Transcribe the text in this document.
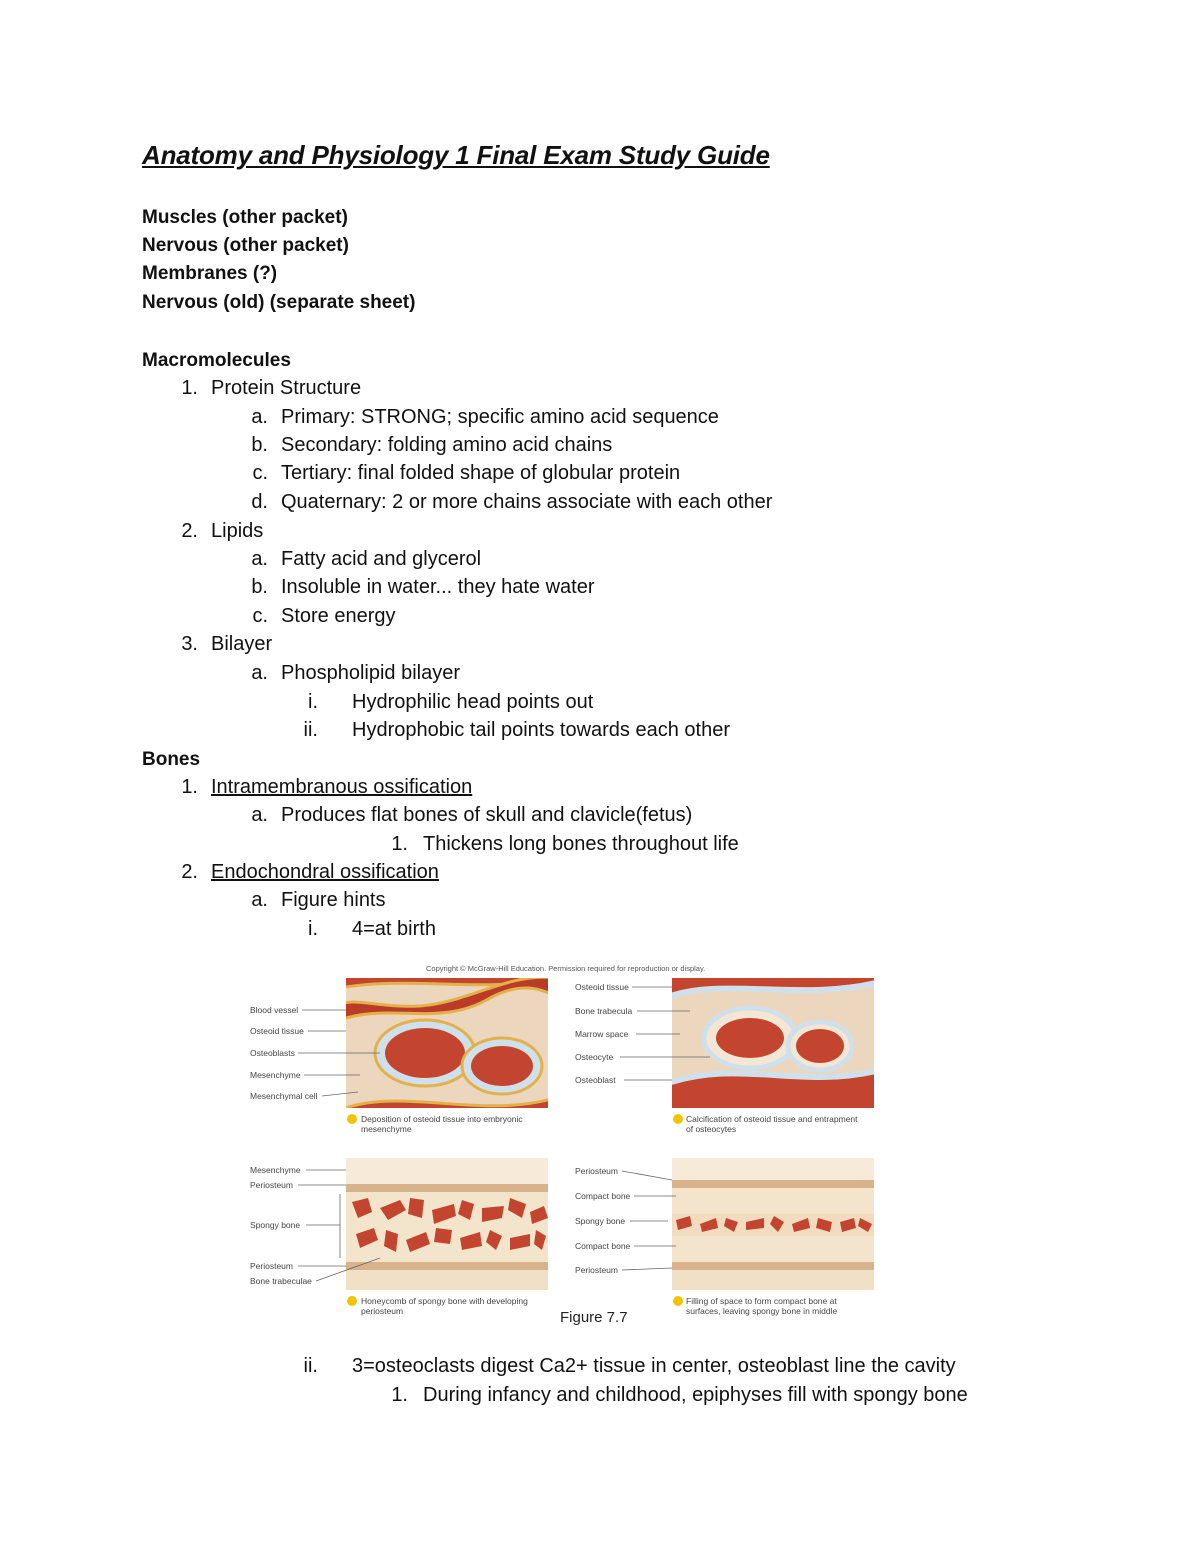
Anatomy and Physiology 1 Final Exam Study Guide
Muscles (other packet)
Nervous (other packet)
Membranes (?)
Nervous (old) (separate sheet)
Macromolecules
1. Protein Structure
a. Primary: STRONG; specific amino acid sequence
b. Secondary: folding amino acid chains
c. Tertiary: final folded shape of globular protein
d. Quaternary: 2 or more chains associate with each other
2. Lipids
a. Fatty acid and glycerol
b. Insoluble in water... they hate water
c. Store energy
3. Bilayer
a. Phospholipid bilayer
i. Hydrophilic head points out
ii. Hydrophobic tail points towards each other
Bones
1. Intramembranous ossification
a. Produces flat bones of skull and clavicle(fetus)
1. Thickens long bones throughout life
2. Endochondral ossification
a. Figure hints
i. 4=at birth
Copyright © McGraw-Hill Education. Permission required for reproduction or display.
Blood vessel
Osteoid tissue
Osteoblasts
Mesenchyme
Mesenchymal cell
Deposition of osteoid tissue into embryonic
mesenchyme
Osteoid tissue
Bone trabecula
Marrow space
Osteocyte
Osteoblast
Calcification of osteoid tissue and entrapment
of osteocytes
Mesenchyme
Periosteum
Spongy bone
Periosteum
Bone trabeculae
Honeycomb of spongy bone with developing
periosteum
Periosteum
Compact bone
Spongy bone
Compact bone
Periosteum
Filling of space to form compact bone at
surfaces, leaving spongy bone in middle
Figure 7.7
ii. 3=osteoclasts digest Ca2+ tissue in center, osteoblast line the cavity
1. During infancy and childhood, epiphyses fill with spongy bone
